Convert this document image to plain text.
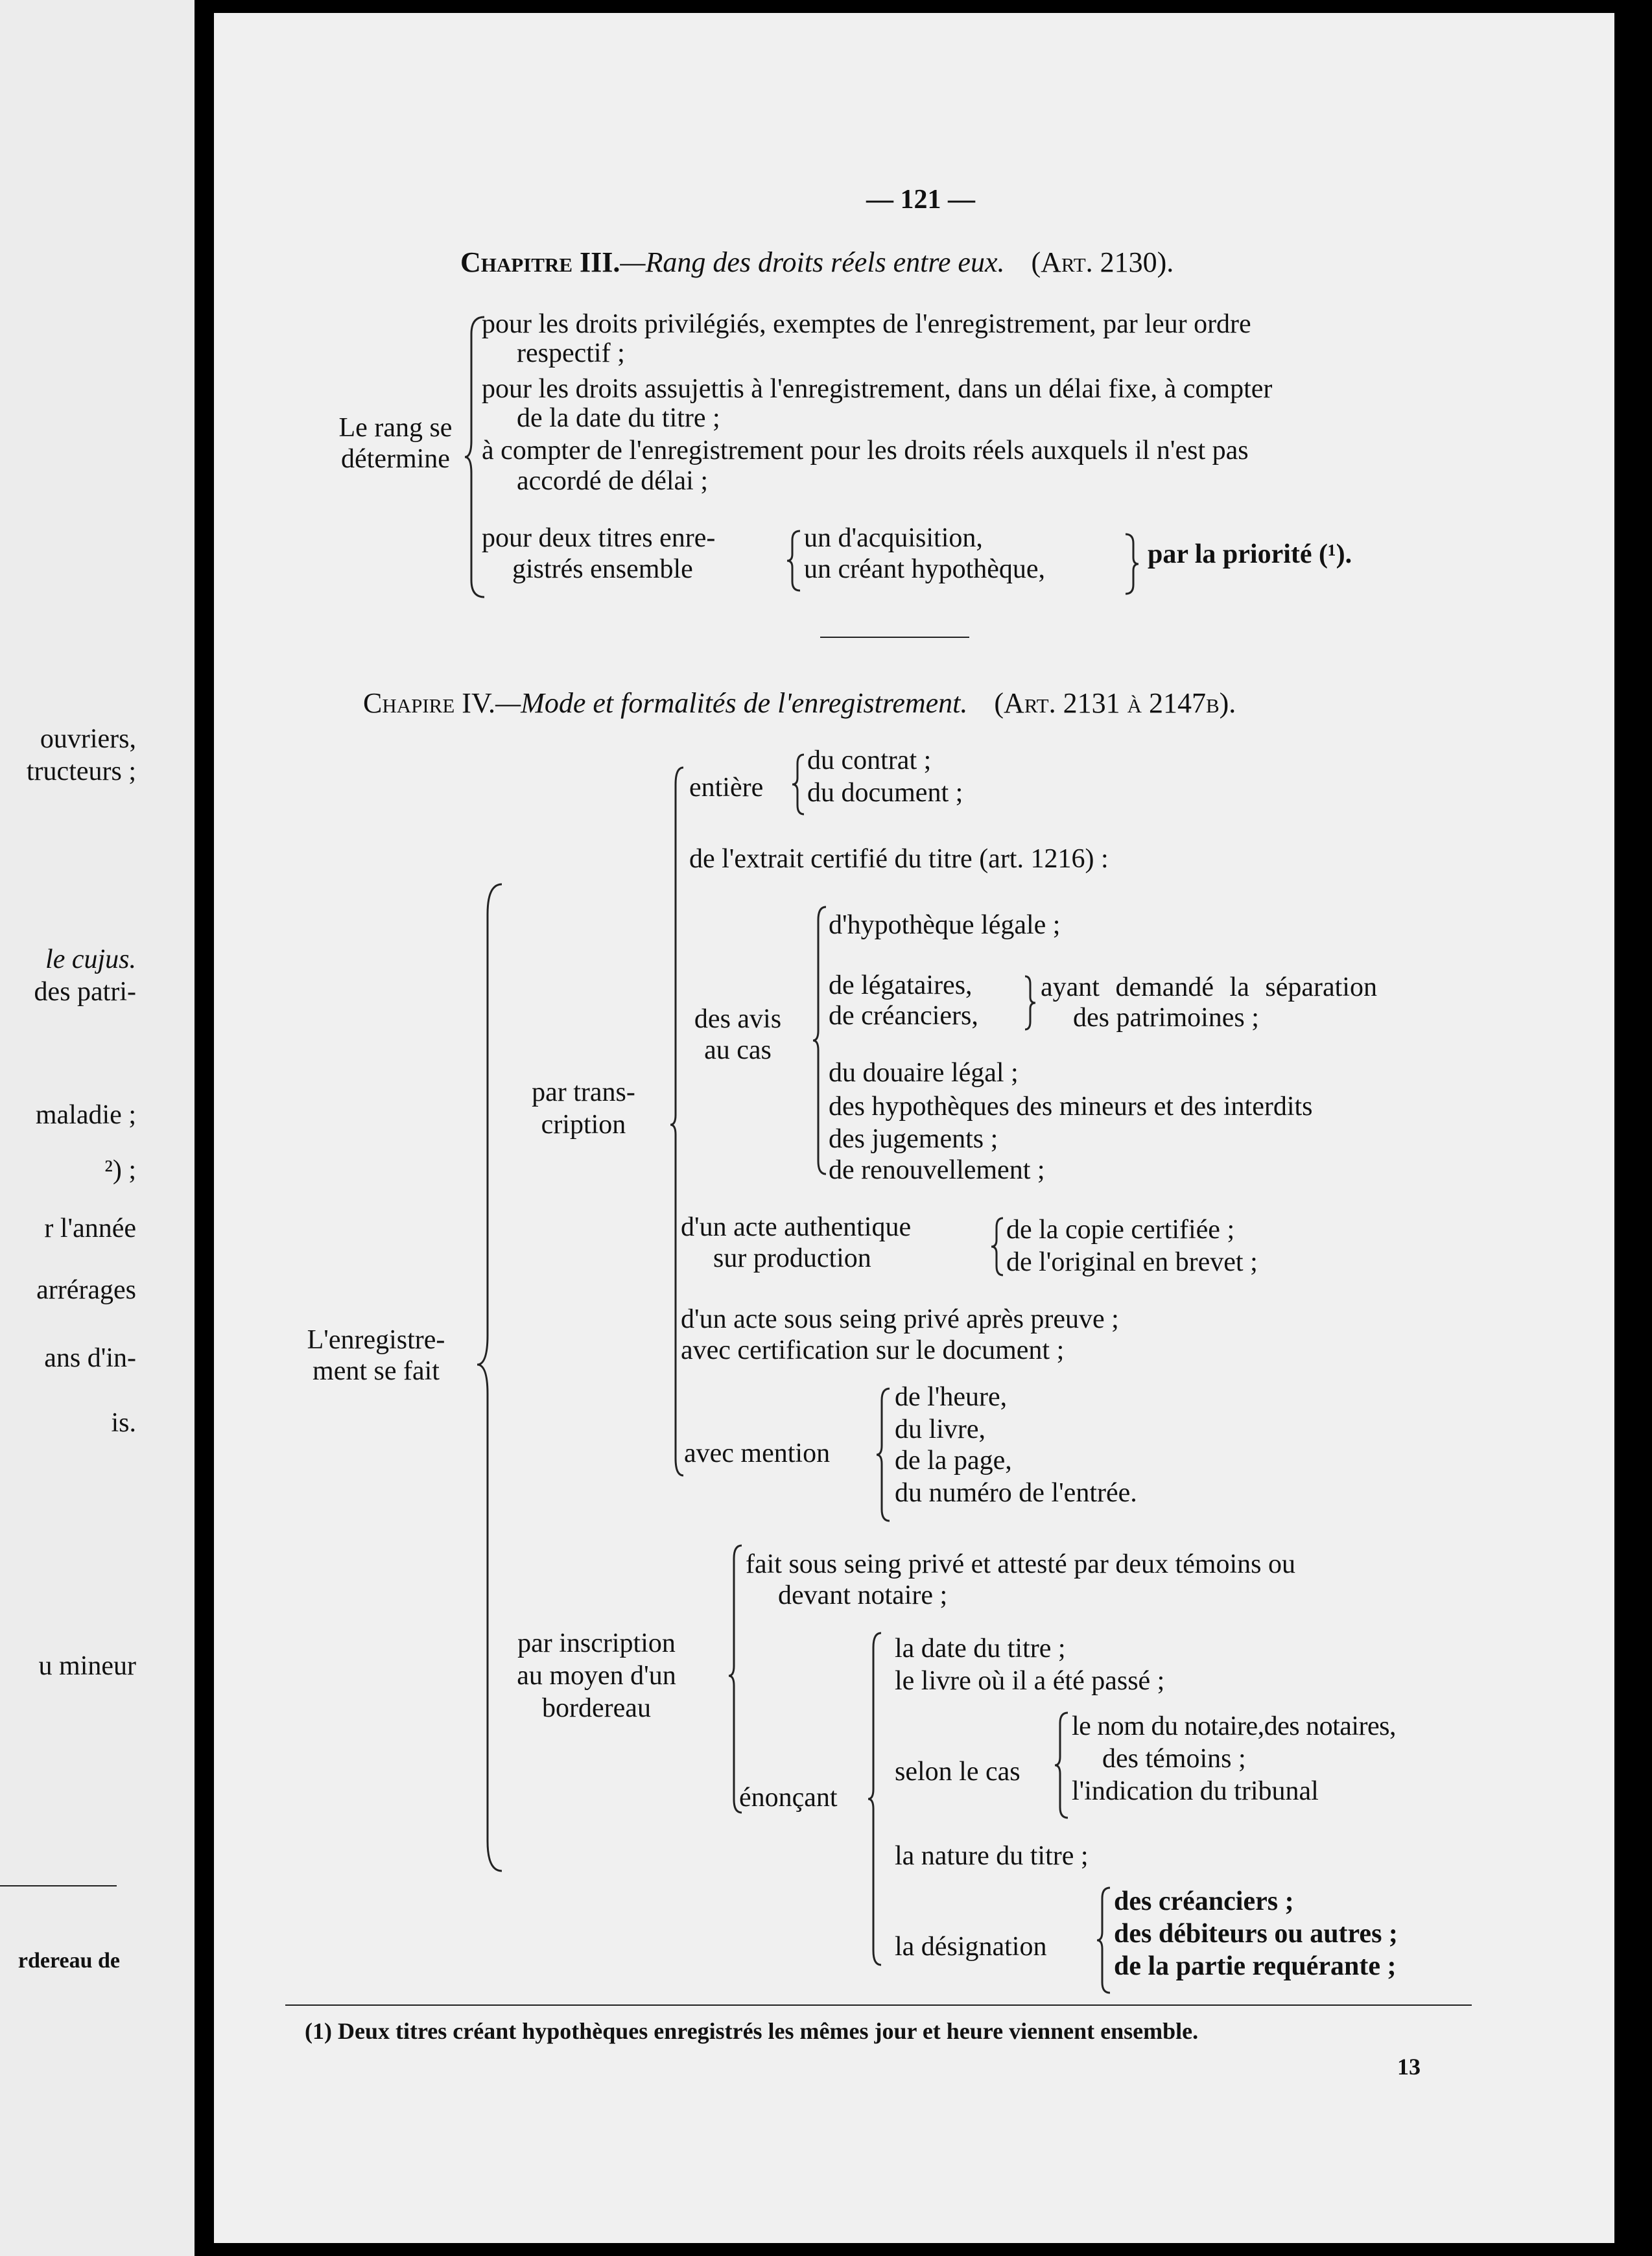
ouvriers,
tructeurs ;
le cujus.
des patri-
maladie ;
²) ;
r l'année
arrérages
ans d'in-
is.
u mineur
rdereau de
— 121 —
Chapitre III.—Rang des droits réels entre eux. (Art. 2130).
Le rang se
détermine
pour les droits privilégiés, exemptes de l'enregistrement, par leur ordre
respectif ;
pour les droits assujettis à l'enregistrement, dans un délai fixe, à compter
de la date du titre ;
à compter de l'enregistrement pour les droits réels auxquels il n'est pas
accordé de délai ;
pour deux titres enre-
gistrés ensemble
un d'acquisition,
un créant hypothèque,	par la priorité (¹).
Chapire IV.—Mode et formalités de l'enregistrement. (Art. 2131 à 2147b).
L'enregistre-
ment se fait
par trans-
cription
entière
du contrat ;
du document ;
de l'extrait certifié du titre (art. 1216) :
des avis
au cas
d'hypothèque légale ;
de légataires,
de créanciers,
ayant demandé la séparation
des patrimoines ;
du douaire légal ;
des hypothèques des mineurs et des interdits
des jugements ;
de renouvellement ;
d'un acte authentique
sur production
de la copie certifiée ;
de l'original en brevet ;
d'un acte sous seing privé après preuve ;
avec certification sur le document ;
avec mention
de l'heure,
du livre,
de la page,
du numéro de l'entrée.
par inscription
au moyen d'un
bordereau
fait sous seing privé et attesté par deux témoins ou
devant notaire ;
énonçant
la date du titre ;
le livre où il a été passé ;
selon le cas
le nom du notaire,des notaires,
des témoins ;
l'indication du tribunal
la nature du titre ;
la désignation
des créanciers ;
des débiteurs ou autres ;
de la partie requérante ;
(1) Deux titres créant hypothèques enregistrés les mêmes jour et heure viennent ensemble.
13
